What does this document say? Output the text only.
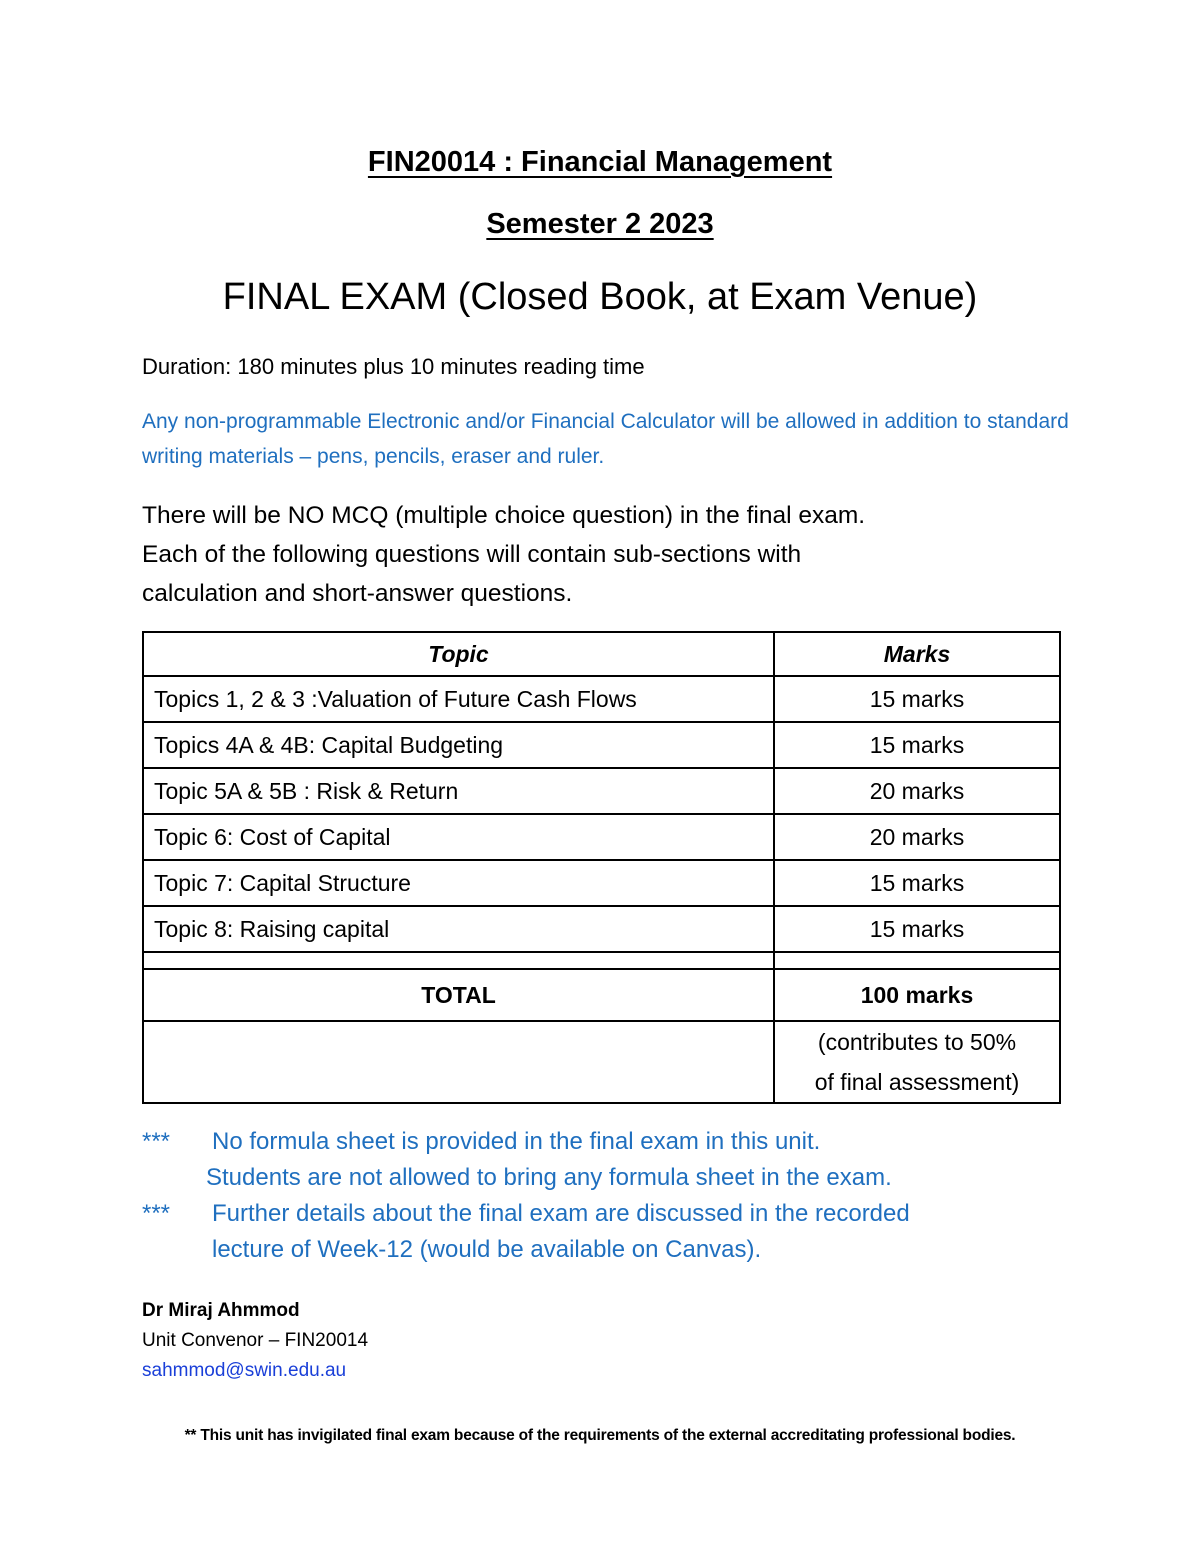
FIN20014 : Financial Management
Semester 2 2023
FINAL EXAM (Closed Book, at Exam Venue)
Duration: 180 minutes plus 10 minutes reading time
Any non-programmable Electronic and/or Financial Calculator will be allowed in addition to standard writing materials – pens, pencils, eraser and ruler.
There will be NO MCQ (multiple choice question) in the final exam.
Each of the following questions will contain sub-sections with
calculation and short-answer questions.
Topic	Marks
Topics 1, 2 & 3 :Valuation of Future Cash Flows	15 marks
Topics 4A & 4B: Capital Budgeting	15 marks
Topic 5A & 5B : Risk & Return	20 marks
Topic 6: Cost of Capital	20 marks
Topic 7: Capital Structure	15 marks
Topic 8: Raising capital	15 marks

TOTAL	100 marks

	(contributes to 50%
of final assessment)
*** No formula sheet is provided in the final exam in this unit.
Students are not allowed to bring any formula sheet in the exam.
*** Further details about the final exam are discussed in the recorded
lecture of Week-12 (would be available on Canvas).
Dr Miraj Ahmmod
Unit Convenor – FIN20014
sahmmod@swin.edu.au
** This unit has invigilated final exam because of the requirements of the external accreditating professional bodies.
